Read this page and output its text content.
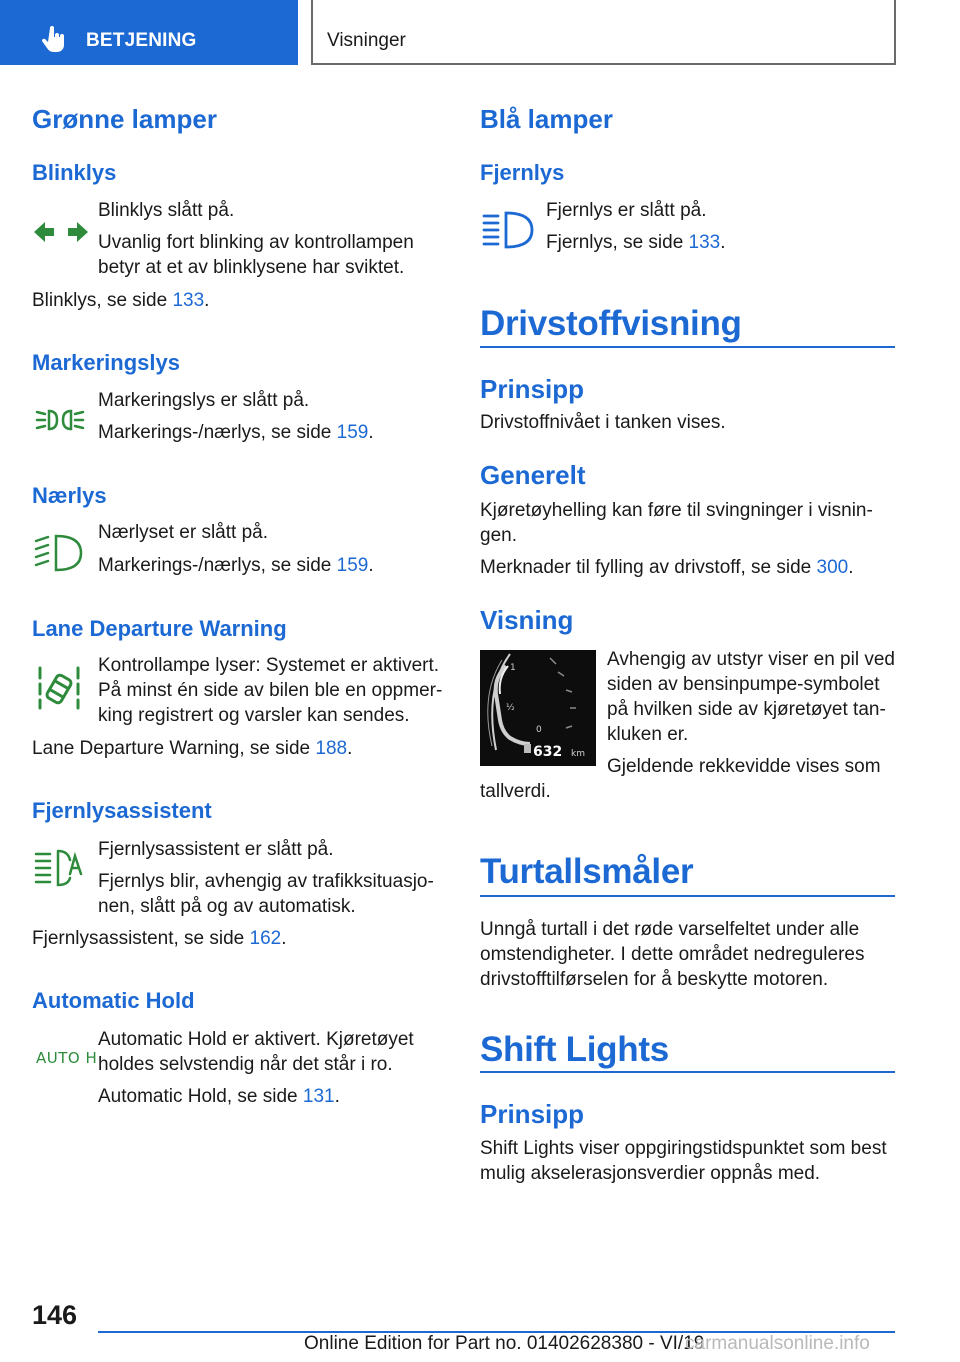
BETJENING	Visninger
Grønne lamper
Blinklys
Blinklys slått på.
Uvanlig fort blinking av kontrollampen
betyr at et av blinklysene har sviktet.
Blinklys, se side 133.
Markeringslys
Markeringslys er slått på.
Markerings-/nærlys, se side 159.
Nærlys
Nærlyset er slått på.
Markerings-/nærlys, se side 159.
Lane Departure Warning
Kontrollampe lyser: Systemet er aktivert.
På minst én side av bilen ble en oppmer-
king registrert og varsler kan sendes.
Lane Departure Warning, se side 188.
Fjernlysassistent
Fjernlysassistent er slått på.
Fjernlys blir, avhengig av trafikksituasjo-
nen, slått på og av automatisk.
Fjernlysassistent, se side 162.
Automatic Hold
AUTO H
Automatic Hold er aktivert. Kjøretøyet
holdes selvstendig når det står i ro.
Automatic Hold, se side 131.
Blå lamper
Fjernlys
Fjernlys er slått på.
Fjernlys, se side 133.
Drivstoffvisning
Prinsipp
Drivstoffnivået i tanken vises.
Generelt
Kjøretøyhelling kan føre til svingninger i visnin-
gen.
Merknader til fylling av drivstoff, se side 300.
Visning
1
½
0
632 km
Avhengig av utstyr viser en pil ved
siden av bensinpumpe-symbolet
på hvilken side av kjøretøyet tan-
kluken er.
Gjeldende rekkevidde vises som
tallverdi.
Turtallsmåler
Unngå turtall i det røde varselfeltet under alle
omstendigheter. I dette området nedreguleres
drivstofftilførselen for å beskytte motoren.
Shift Lights
Prinsipp
Shift Lights viser oppgiringstidspunktet som best
mulig akselerasjonsverdier oppnås med.
146
Online Edition for Part no. 01402628380 - VI/19
carmanualsonline.info
